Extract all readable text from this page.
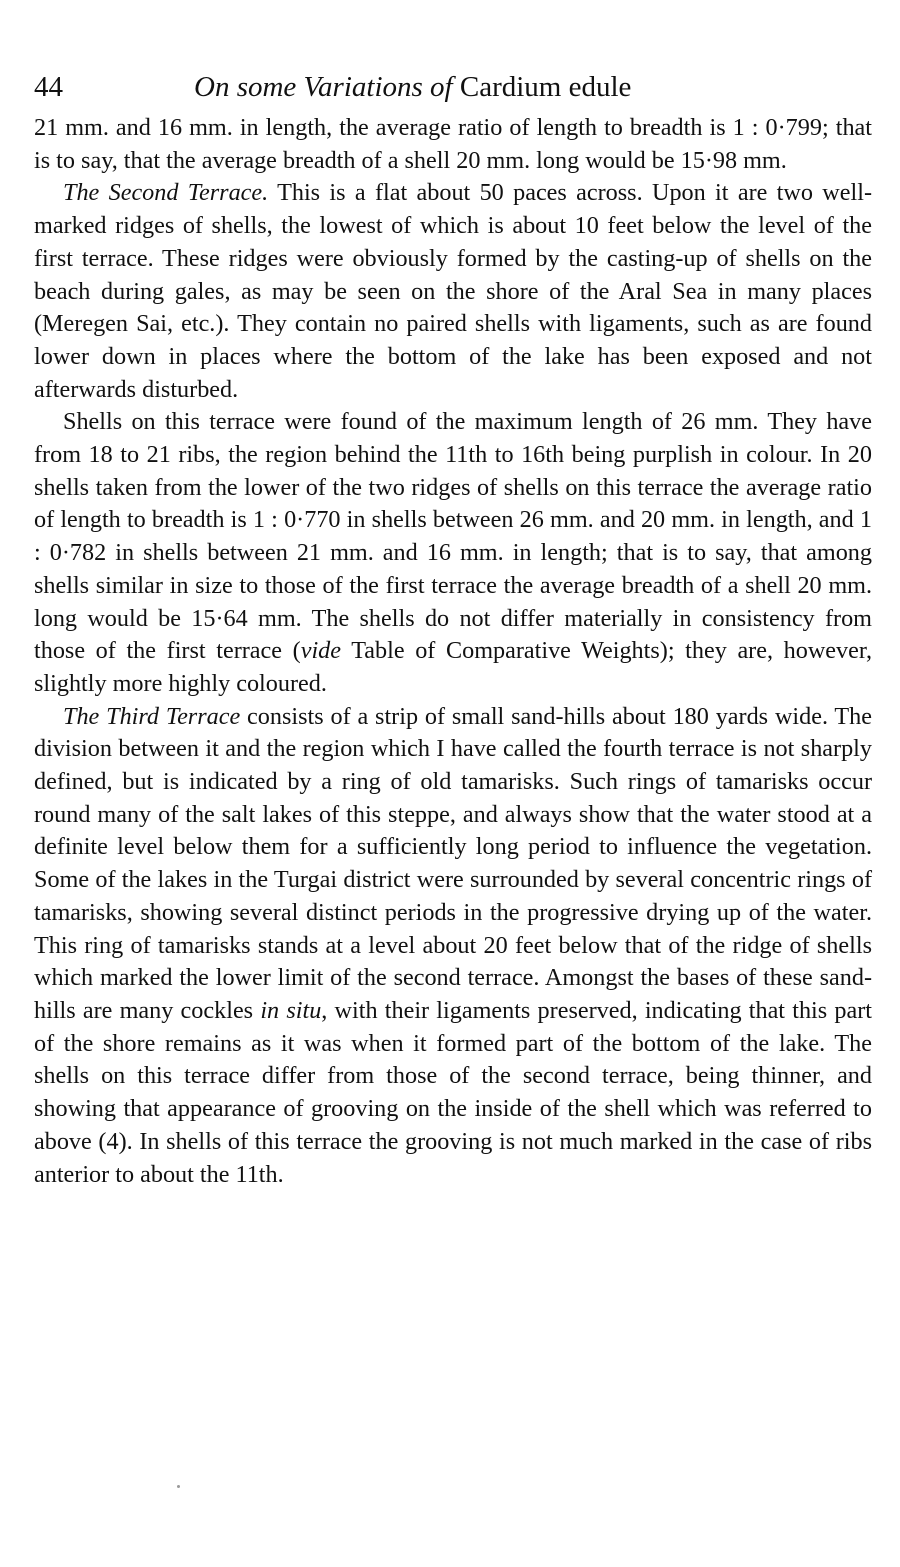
44	On some Variations of Cardium edule

21 mm. and 16 mm. in length, the average ratio of length to breadth is 1 : 0·799; that is to say, that the average breadth of a shell 20 mm. long would be 15·98 mm.

The Second Terrace. This is a flat about 50 paces across. Upon it are two well-marked ridges of shells, the lowest of which is about 10 feet below the level of the first terrace. These ridges were obviously formed by the casting-up of shells on the beach during gales, as may be seen on the shore of the Aral Sea in many places (Meregen Sai, etc.). They contain no paired shells with ligaments, such as are found lower down in places where the bottom of the lake has been exposed and not afterwards disturbed.

Shells on this terrace were found of the maximum length of 26 mm. They have from 18 to 21 ribs, the region behind the 11th to 16th being purplish in colour. In 20 shells taken from the lower of the two ridges of shells on this terrace the average ratio of length to breadth is 1 : 0·770 in shells between 26 mm. and 20 mm. in length, and 1 : 0·782 in shells between 21 mm. and 16 mm. in length; that is to say, that among shells similar in size to those of the first terrace the average breadth of a shell 20 mm. long would be 15·64 mm. The shells do not differ materially in consistency from those of the first terrace (vide Table of Comparative Weights); they are, however, slightly more highly coloured.

The Third Terrace consists of a strip of small sand-hills about 180 yards wide. The division between it and the region which I have called the fourth terrace is not sharply defined, but is indicated by a ring of old tamarisks. Such rings of tamarisks occur round many of the salt lakes of this steppe, and always show that the water stood at a definite level below them for a sufficiently long period to influence the vegetation. Some of the lakes in the Turgai district were surrounded by several concentric rings of tamarisks, showing several distinct periods in the progressive drying up of the water. This ring of tamarisks stands at a level about 20 feet below that of the ridge of shells which marked the lower limit of the second terrace. Amongst the bases of these sand-hills are many cockles in situ, with their ligaments preserved, indicating that this part of the shore remains as it was when it formed part of the bottom of the lake. The shells on this terrace differ from those of the second terrace, being thinner, and showing that appearance of grooving on the inside of the shell which was referred to above (4). In shells of this terrace the grooving is not much marked in the case of ribs anterior to about the 11th.
